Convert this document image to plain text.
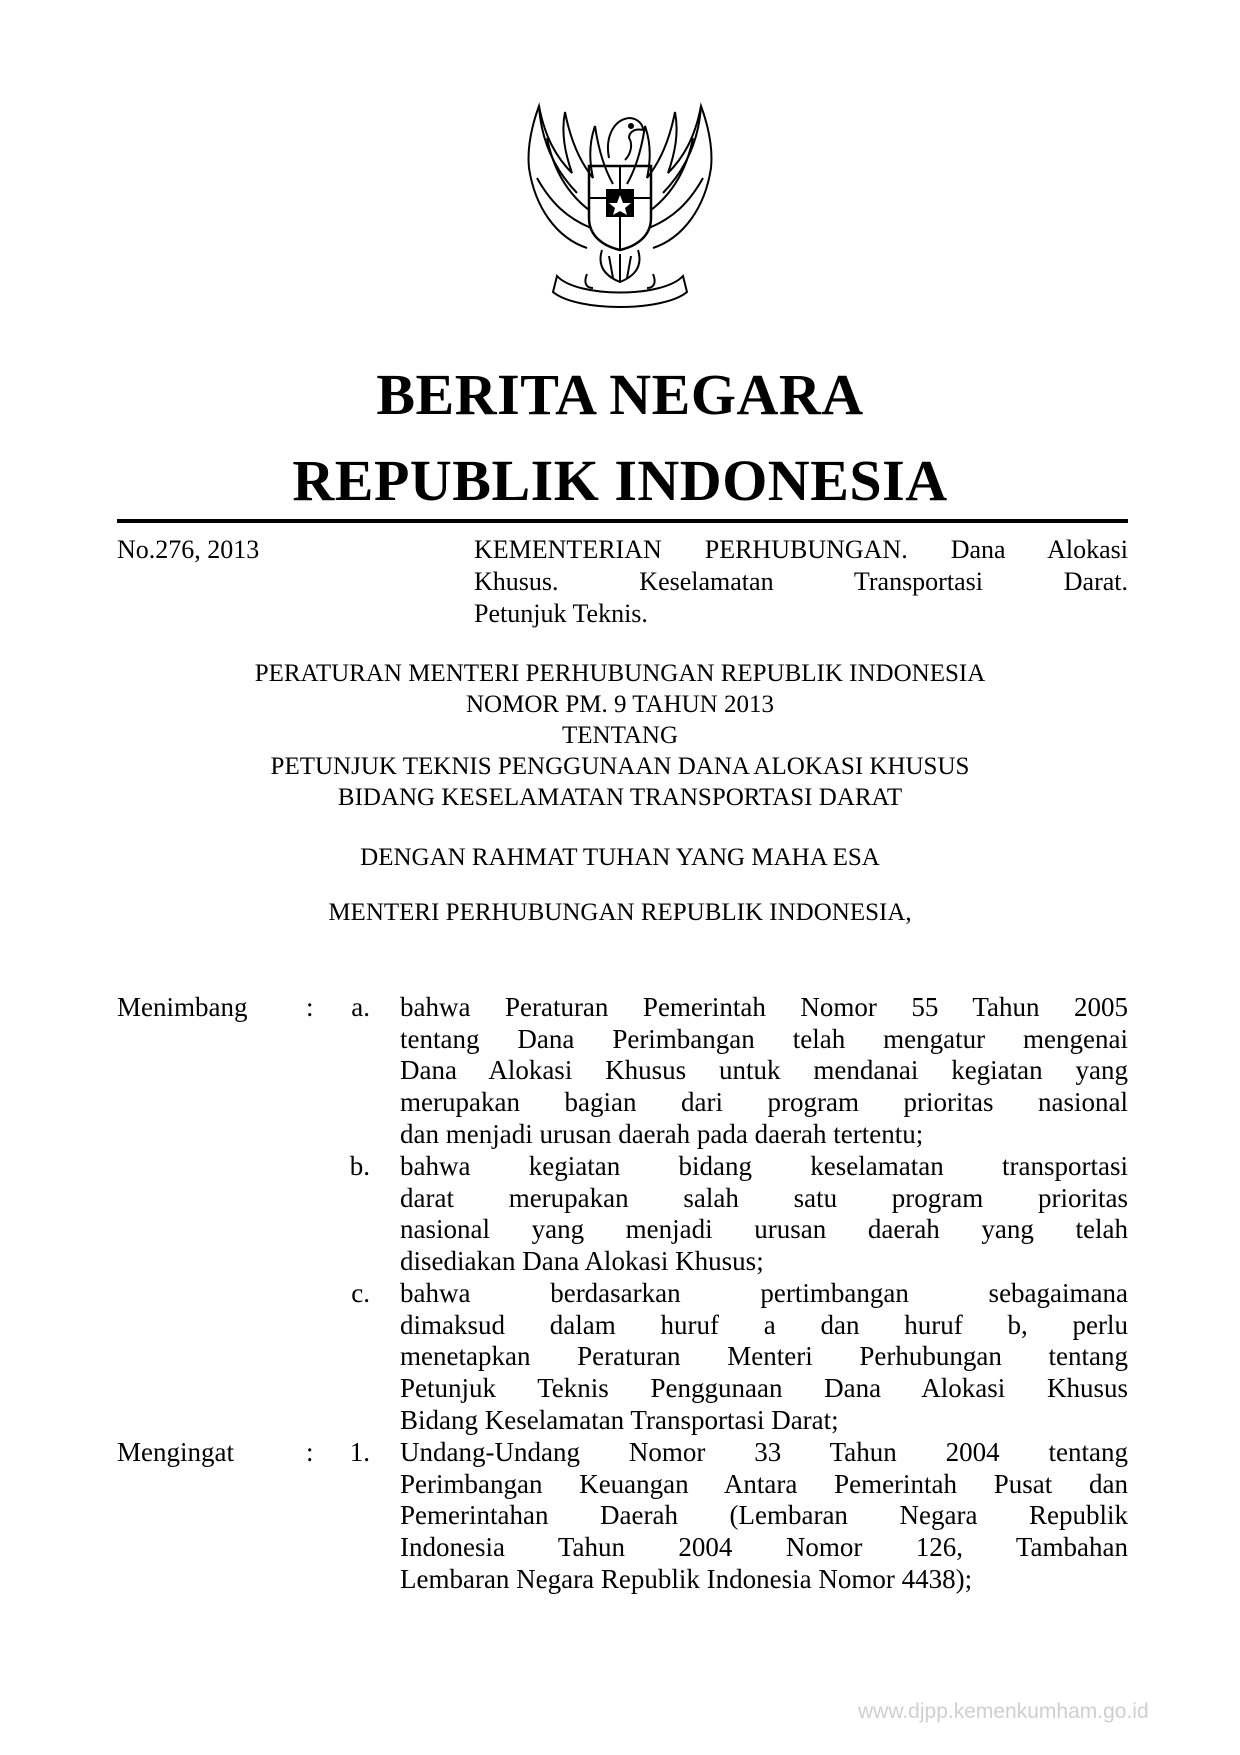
BERITA NEGARA
REPUBLIK INDONESIA
No.276, 2013	KEMENTERIAN PERHUBUNGAN. Dana Alokasi
Khusus. Keselamatan Transportasi Darat.
Petunjuk Teknis.
PERATURAN MENTERI PERHUBUNGAN REPUBLIK INDONESIA
NOMOR PM. 9 TAHUN 2013
TENTANG
PETUNJUK TEKNIS PENGGUNAAN DANA ALOKASI KHUSUS
BIDANG KESELAMATAN TRANSPORTASI DARAT
DENGAN RAHMAT TUHAN YANG MAHA ESA
MENTERI PERHUBUNGAN REPUBLIK INDONESIA,
Menimbang :	a. bahwa Peraturan Pemerintah Nomor 55 Tahun 2005
tentang Dana Perimbangan telah mengatur mengenai
Dana Alokasi Khusus untuk mendanai kegiatan yang
merupakan bagian dari program prioritas nasional
dan menjadi urusan daerah pada daerah tertentu;
b. bahwa kegiatan bidang keselamatan transportasi
darat merupakan salah satu program prioritas
nasional yang menjadi urusan daerah yang telah
disediakan Dana Alokasi Khusus;
c. bahwa berdasarkan pertimbangan sebagaimana
dimaksud dalam huruf a dan huruf b, perlu
menetapkan Peraturan Menteri Perhubungan tentang
Petunjuk Teknis Penggunaan Dana Alokasi Khusus
Bidang Keselamatan Transportasi Darat;
Mengingat	:	1. Undang-Undang Nomor 33 Tahun 2004 tentang
Perimbangan Keuangan Antara Pemerintah Pusat dan
Pemerintahan Daerah (Lembaran Negara Republik
Indonesia Tahun 2004 Nomor 126, Tambahan
Lembaran Negara Republik Indonesia Nomor 4438);
www.djpp.kemenkumham.go.id
